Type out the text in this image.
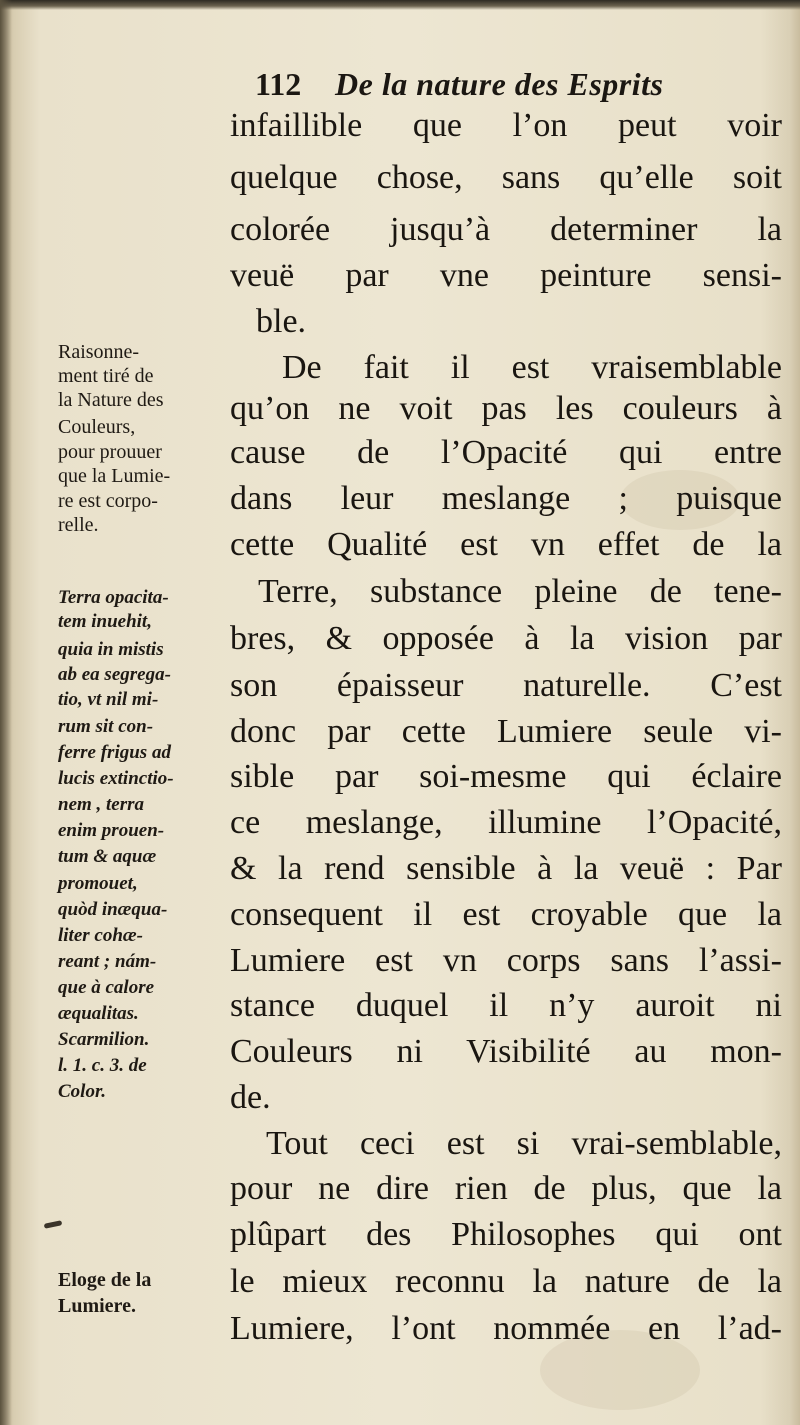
112 De la nature des Esprits
infaillible que l’on peut voir
quelque chose, sans qu’elle soit
colorée jusqu’à determiner la
veuë par vne peinture sensi-
ble.
De fait il est vraisemblable
qu’on ne voit pas les couleurs à
cause de l’Opacité qui entre
dans leur meslange ; puisque
cette Qualité est vn effet de la
Terre, substance pleine de tene-
bres, & opposée à la vision par
son épaisseur naturelle. C’est
donc par cette Lumiere seule vi-
sible par soi-mesme qui éclaire
ce meslange, illumine l’Opacité,
& la rend sensible à la veuë : Par
consequent il est croyable que la
Lumiere est vn corps sans l’assi-
stance duquel il n’y auroit ni
Couleurs ni Visibilité au mon-
de.
Tout ceci est si vrai-semblable,
pour ne dire rien de plus, que la
plûpart des Philosophes qui ont
le mieux reconnu la nature de la
Lumiere, l’ont nommée en l’ad-
Raisonne-
ment tiré de
la Nature des
Couleurs,
pour prouuer
que la Lumie-
re est corpo-
relle.
Terra opacita-
tem inuehit,
quia in mistis
ab ea segrega-
tio, vt nil mi-
rum sit con-
ferre frigus ad
lucis extinctio-
nem , terra
enim prouen-
tum & aquæ
promouet,
quòd inæqua-
liter cohæ-
reant ; nám-
que à calore
æqualitas.
Scarmilion.
l. 1. c. 3. de
Color.
Eloge de la
Lumiere.
